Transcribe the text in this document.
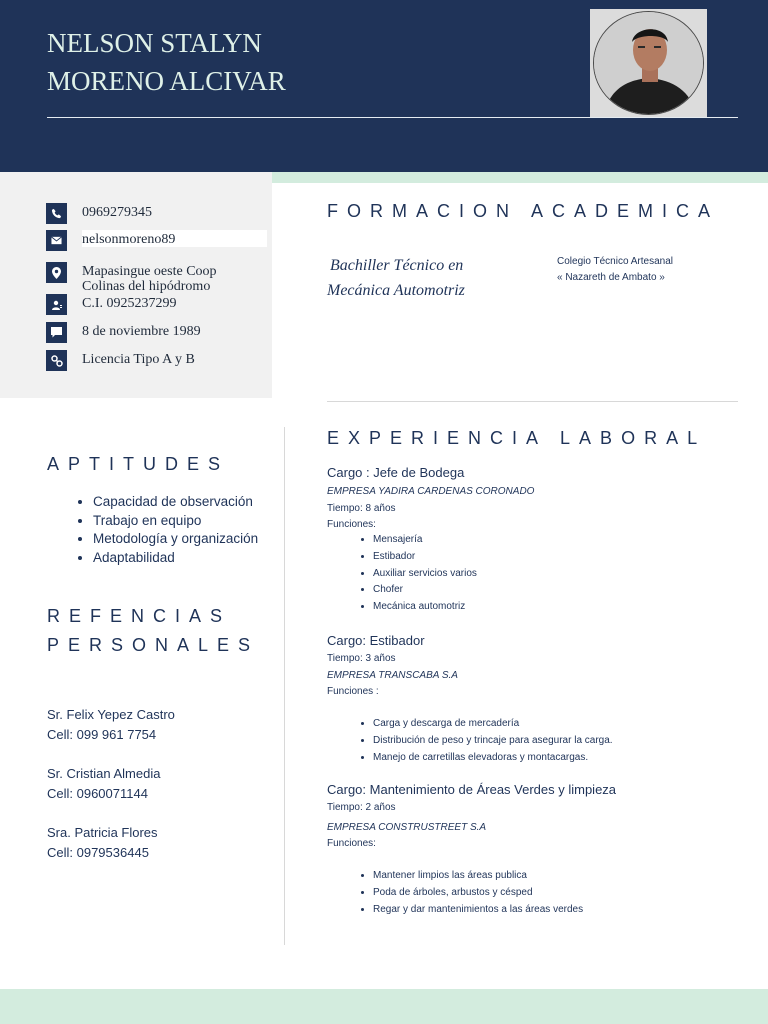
NELSON STALYN
MORENO ALCIVAR
0969279345
nelsonmoreno89
Mapasingue oeste Coop
Colinas del hipódromo
C.I. 0925237299
8 de noviembre 1989
Licencia Tipo A y B
FORMACION ACADEMICA
Bachiller Técnico en
Mecánica Automotriz
Colegio Técnico Artesanal
« Nazareth de Ambato »
APTITUDES
• Capacidad de observación
• Trabajo en equipo
• Metodología y organización
• Adaptabilidad
REFENCIAS
PERSONALES
Sr. Felix Yepez Castro
Cell: 099 961 7754
Sr. Cristian Almedia
Cell: 0960071144
Sra. Patricia Flores
Cell: 0979536445
EXPERIENCIA LABORAL
Cargo : Jefe de Bodega
EMPRESA YADIRA CARDENAS CORONADO
Tiempo: 8 años
Funciones:
• Mensajería
• Estibador
• Auxiliar servicios varios
• Chofer
• Mecánica automotriz
Cargo: Estibador
Tiempo: 3 años
EMPRESA TRANSCABA S.A
Funciones :
• Carga y descarga de mercadería
• Distribución de peso y trincaje para asegurar la carga.
• Manejo de carretillas elevadoras y montacargas.
Cargo: Mantenimiento de Áreas Verdes y limpieza
Tiempo: 2 años
EMPRESA CONSTRUSTREET S.A
Funciones:
• Mantener limpios las áreas publica
• Poda de árboles, arbustos y césped
• Regar y dar mantenimientos a las áreas verdes
